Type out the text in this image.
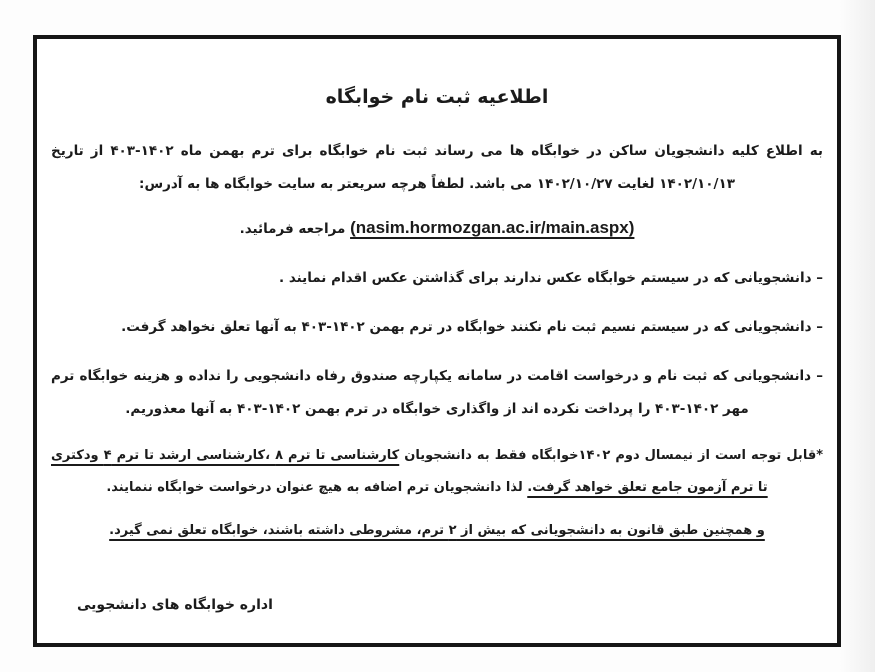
اطلاعیه ثبت نام خوابگاه

به اطلاع کلیه دانشجویان ساکن در خوابگاه ها می رساند ثبت نام خوابگاه برای ترم بهمن ماه ۱۴۰۲-۴۰۳ از تاریخ ۱۴۰۲/۱۰/۱۳ لغایت ۱۴۰۲/۱۰/۲۷ می باشد. لطفاً هرچه سریعتر به سایت خوابگاه ها به آدرس:

(nasim.hormozgan.ac.ir/main.aspx) مراجعه فرمائید.

– دانشجویانی که در سیستم خوابگاه عکس ندارند برای گذاشتن عکس اقدام نمایند .

– دانشجویانی که در سیستم نسیم ثبت نام نکنند خوابگاه در ترم بهمن ۱۴۰۲-۴۰۳ به آنها تعلق نخواهد گرفت.

– دانشجویانی که ثبت نام و درخواست اقامت در سامانه یکپارچه صندوق رفاه دانشجویی را نداده و هزینه خوابگاه ترم مهر ۱۴۰۲-۴۰۳ را پرداخت نکرده اند از واگذاری خوابگاه در ترم بهمن ۱۴۰۲-۴۰۳ به آنها معذوریم.

*قابل توجه است از نیمسال دوم ۱۴۰۲خوابگاه فقط به دانشجویان کارشناسی تا ترم ۸ ،کارشناسی ارشد تا ترم ۴ ودکتری تا ترم آزمون جامع تعلق خواهد گرفت. لذا دانشجویان ترم اضافه به هیچ عنوان درخواست خوابگاه ننمایند.

و همچنین طبق قانون به دانشجویانی که بیش از ۲ ترم، مشروطی داشته باشند، خوابگاه تعلق نمی گیرد.

اداره خوابگاه های دانشجویی
